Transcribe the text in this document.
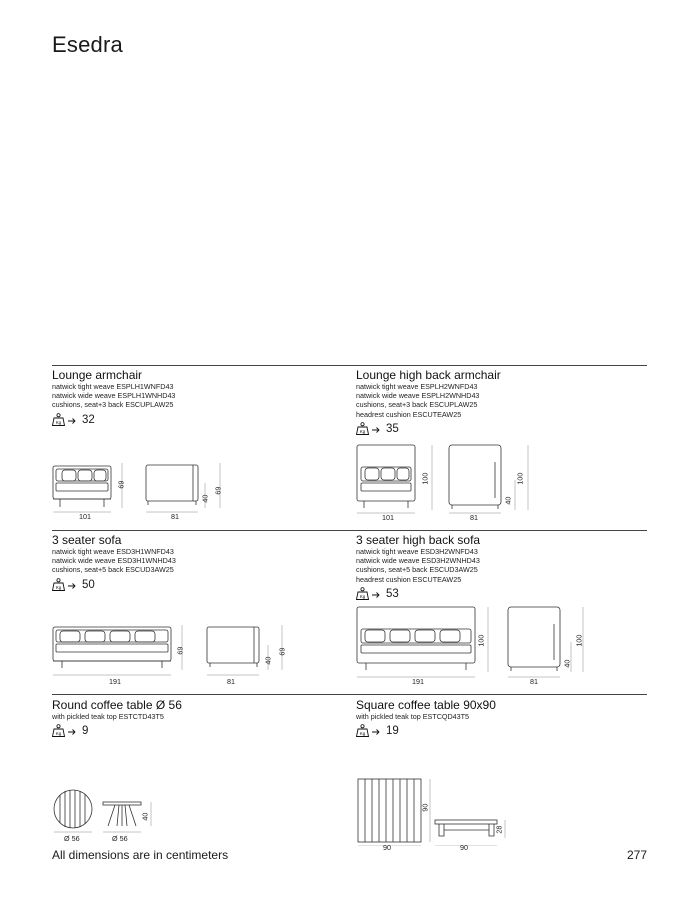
Esedra
Lounge armchair
natwick tight weave ESPLH1WNFD43
natwick wide weave ESPLH1WNHD43
cushions, seat+3 back ESCUPLAW25
Kg 32
101
69
81
40
69
Lounge high back armchair
natwick tight weave ESPLH2WNFD43
natwick wide weave ESPLH2WNHD43
cushions, seat+3 back ESCUPLAW25
headrest cushion ESCUTEAW25
Kg 35
101
100
81
40
100
3 seater sofa
natwick tight weave ESD3H1WNFD43
natwick wide weave ESD3H1WNHD43
cushions, seat+5 back ESCUD3AW25
Kg 50
191
69
81
40
69
3 seater high back sofa
natwick tight weave ESD3H2WNFD43
natwick wide weave ESD3H2WNHD43
cushions, seat+5 back ESCUD3AW25
headrest cushion ESCUTEAW25
Kg 53
191
100
81
40
100
Round coffee table Ø 56
with pickled teak top ESTCTD43T5
Kg 9
Ø 56	Ø 56
40
Square coffee table 90x90
with pickled teak top ESTCQD43T5
Kg 19
90
90
90
28
All dimensions are in centimeters	277
